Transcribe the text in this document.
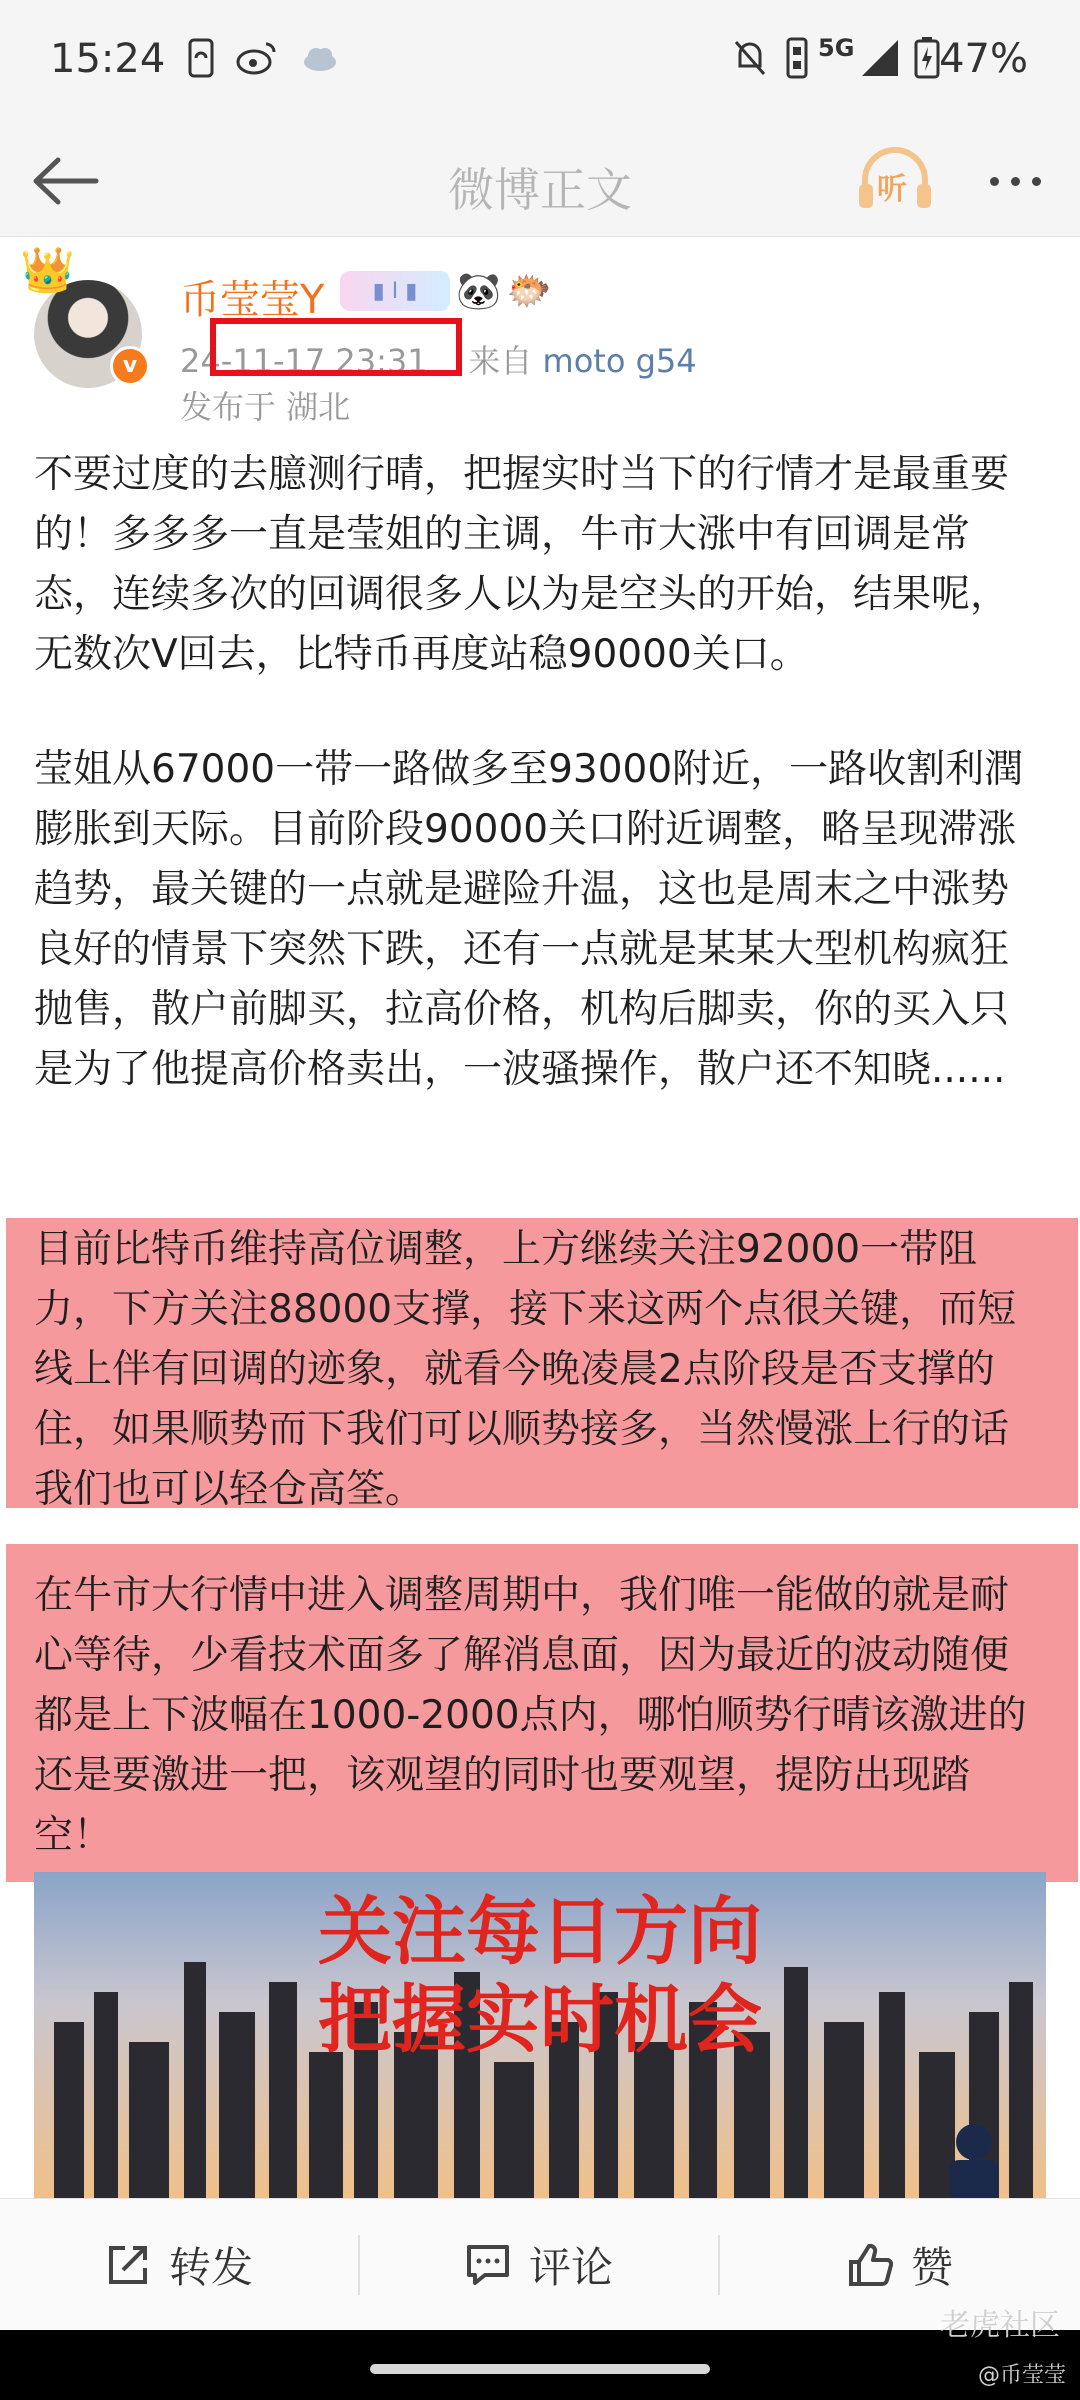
15:24	5G 47%
微博正文	听
👑
v
币莹莹Y	▮ I ▮	🐼 🐡
24-11-17 23:31 来自 moto g54
发布于 湖北
不要过度的去臆测行晴，把握实时当下的行情才是最重要的！多多多一直是莹姐的主调，牛市大涨中有回调是常态，连续多次的回调很多人以为是空头的开始，结果呢，无数次V回去，比特币再度站稳90000关口。
莹姐从67000一带一路做多至93000附近，一路收割利潤膨胀到天际。目前阶段90000关口附近调整，略呈现滞涨趋势，最关键的一点就是避险升温，这也是周末之中涨势良好的情景下突然下跌，还有一点就是某某大型机构疯狂抛售，散户前脚买，拉高价格，机构后脚卖，你的买入只是为了他提高价格卖出，一波骚操作，散户还不知晓......
目前比特币维持高位调整，上方继续关注92000一带阻力，下方关注88000支撑，接下来这两个点很关键，而短线上伴有回调的迹象，就看今晚凌晨2点阶段是否支撑的住，如果顺势而下我们可以顺势接多，当然慢涨上行的话我们也可以轻仓高筌。
在牛市大行情中进入调整周期中，我们唯一能做的就是耐心等待，少看技术面多了解消息面，因为最近的波动随便都是上下波幅在1000-2000点内，哪怕顺势行晴该激进的还是要激进一把，该观望的同时也要观望，提防出现踏空！
关注每日方向
把握实时机会
转发	评论	赞
老虎社区
@币莹莹
